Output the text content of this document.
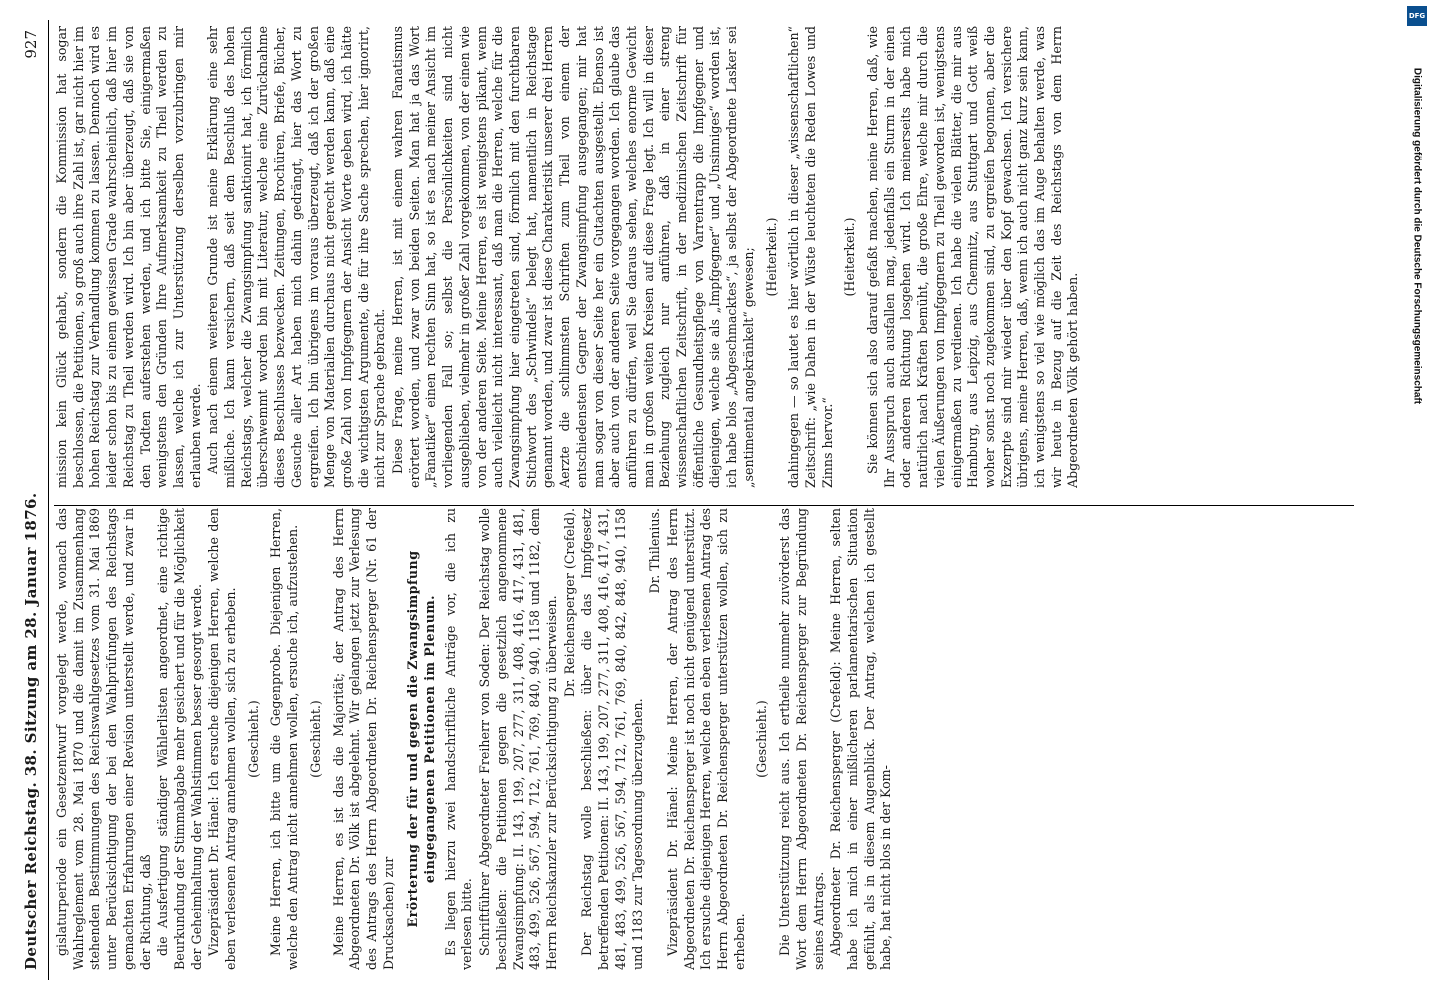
Deutscher Reichstag. 38. Sitzung am 28. Januar 1876.
927

gislaturperiode ein Gesetzentwurf vorgelegt werde, wonach das Wahlreglement vom 28. Mai 1870 und die damit im Zusammenhang stehenden Bestimmungen des Reichswahlgesetzes vom 31. Mai 1869 unter Berücksichtigung der bei den Wahlprüfungen des Reichstags gemachten Erfahrungen einer Revision unterstellt werde, und zwar in der Richtung, daß die Ausfertigung ständiger Wählerlisten angeordnet, eine richtige Beurkundung der Stimmabgabe mehr gesichert und für die Möglichkeit der Geheimhaltung der Wahlstimmen besser gesorgt werde. Vizepräsident Dr. Hänel: Ich ersuche diejenigen Herren, welche den eben verlesenen Antrag annehmen wollen, sich zu erheben. (Geschieht.) Meine Herren, ich bitte um die Gegenprobe. Diejenigen Herren, welche den Antrag nicht annehmen wollen, ersuche ich, aufzustehen. (Geschieht.) Meine Herren, es ist das die Majorität; der Antrag des Herrn Abgeordneten Dr. Völk ist abgelehnt. Wir gelangen jetzt zur Verlesung des Antrags des Herrn Abgeordneten Dr. Reichensperger (Nr. 61 der Drucksachen) zur Erörterung der für und gegen die Zwangsimpfung eingegangenen Petitionen im Plenum. Es liegen hierzu zwei handschriftliche Anträge vor, die ich zu verlesen bitte. Schriftführer Abgeordneter Freiherr von Soden: Der Reichstag wolle beschließen: die Petitionen gegen die gesetzlich angenommene Zwangsimpfung: II. 143, 199, 207, 277, 311, 408, 416, 417, 431, 481, 483, 499, 526, 567, 594, 712, 761, 769, 840, 940, 1158 und 1182, dem Herrn Reichskanzler zur Berücksichtigung zu überweisen. Dr. Reichensperger (Crefeld). Der Reichstag wolle beschließen: über die das Impfgesetz betreffenden Petitionen: II. 143, 199, 207, 277, 311, 408, 416, 417, 431, 481, 483, 499, 526, 567, 594, 712, 761, 769, 840, 842, 848, 940, 1158 und 1183 zur Tagesordnung überzugehen.

Dr. Thilenius. Vizepräsident Dr. Hänel: Meine Herren, der Antrag des Herrn Abgeordneten Dr. Reichensperger ist noch nicht genügend unterstützt. Ich ersuche diejenigen Herren, welche den eben verlesenen Antrag des Herrn Abgeordneten Dr. Reichensperger unterstützen wollen, sich zu erheben.

(Geschieht.) Die Unterstützung reicht aus. Ich ertheile nunmehr zuvörderst das Wort dem Herrn Abgeordneten Dr. Reichensperger zur Begründung seines Antrags. Abgeordneter Dr. Reichensperger (Crefeld): Meine Herren, selten habe ich mich in einer mißlicheren parlamentarischen Situation gefühlt, als in diesem Augenblick. Der Antrag, welchen ich gestellt habe, hat nicht blos in der Kom-

mission kein Glück gehabt, sondern die Kommission hat sogar beschlossen, die Petitionen, so groß auch ihre Zahl ist, gar nicht hier im hohen Reichstag zur Verhandlung kommen zu lassen. Dennoch wird es leider schon bis zu einem gewissen Grade wahrscheinlich, daß hier im Reichstag zu Theil werden wird. Ich bin aber überzeugt, daß sie von den Todten auferstehen werden, und ich bitte Sie, einigermaßen wenigstens den Gründen Ihre Aufmerksamkeit zu Theil werden zu lassen, welche ich zur Unterstützung derselben vorzubringen mir erlauben werde. Auch nach einem weiteren Grunde ist meine Erklärung eine sehr mißliche. Ich kann versichern, daß seit dem Beschluß des hohen Reichstags, welcher die Zwangsimpfung sanktionirt hat, ich förmlich überschwemmt worden bin mit Literatur, welche eine Zurücknahme dieses Beschlusses bezwecken. Zeitungen, Brochüren, Briefe, Bücher, Gesuche aller Art haben mich dahin gedrängt, hier das Wort zu ergreifen. Ich bin übrigens im voraus überzeugt, daß ich der großen Menge von Materialien durchaus nicht gerecht werden kann, daß eine große Zahl von Impfgegnern der Ansicht Worte geben wird, ich hätte die wichtigsten Argumente, die für ihre Sache sprechen, hier ignorirt, nicht zur Sprache gebracht. Diese Frage, meine Herren, ist mit einem wahren Fanatismus erörtert worden, und zwar von beiden Seiten. Man hat ja das Wort „Fanatiker“ einen rechten Sinn hat, so ist es nach meiner Ansicht im vorliegenden Fall so; selbst die Persönlichkeiten sind nicht ausgeblieben, vielmehr in großer Zahl vorgekommen, von der einen wie von der anderen Seite. Meine Herren, es ist wenigstens pikant, wenn auch vielleicht nicht interessant, daß man die Herren, welche für die Zwangsimpfung hier eingetreten sind, förmlich mit den furchtbaren Stichwort des „Schwindels“ belegt hat, namentlich in Reichstage genannt worden, und zwar ist diese Charakteristik unserer drei Herren Aerzte die schlimmsten Schriften zum Theil von einem der entschiedensten Gegner der Zwangsimpfung ausgegangen; mir hat man sogar von dieser Seite her ein Gutachten ausgestellt. Ebenso ist aber auch von der anderen Seite vorgegangen worden. Ich glaube das anführen zu dürfen, weil Sie daraus sehen, welches enorme Gewicht man in großen weiten Kreisen auf diese Frage legt. Ich will in dieser Beziehung zugleich nur anführen, daß in einer streng wissenschaftlichen Zeitschrift, in der medizinischen Zeitschrift für öffentliche Gesundheitspflege von Varrentrapp die Impfgegner und diejenigen, welche sie als „Impfgegner“ und „Unsinniges“ worden ist, ich habe blos „Abgeschmacktes“, ja selbst der Abgeordnete Lasker sei „sentimental angekränkelt“ gewesen; (Heiterkeit.) dahingegen — so lautet es hier wörtlich in dieser „wissenschaftlichen“ Zeitschrift: „wie Dahen in der Wüste leuchteten die Reden Lowes und Zinns hervor.“

(Heiterkeit.) Sie können sich also darauf gefaßt machen, meine Herren, daß, wie Ihr Ausspruch auch ausfallen mag, jedenfalls ein Sturm in der einen oder anderen Richtung losgehen wird. Ich meinerseits habe mich natürlich nach Kräften bemüht, die große Ehre, welche mir durch die vielen Äußerungen von Impfgegnern zu Theil geworden ist, wenigstens einigermaßen zu verdienen. Ich habe die vielen Blätter, die mir aus Hamburg, aus Leipzig, aus Chemnitz, aus Stuttgart und Gott weiß woher sonst noch zugekommen sind, zu ergreifen begonnen, aber die Exzerpte sind mir wieder über den Kopf gewachsen. Ich versichere übrigens, meine Herren, daß, wenn ich auch nicht ganz kurz sein kann, ich wenigstens so viel wie möglich das im Auge behalten werde, was wir heute in Bezug auf die Zeit des Reichstags von dem Herrn Abgeordneten Völk gehört haben.

DFG
Digitalisierung gefördert durch die Deutsche Forschungsgemeinschaft
